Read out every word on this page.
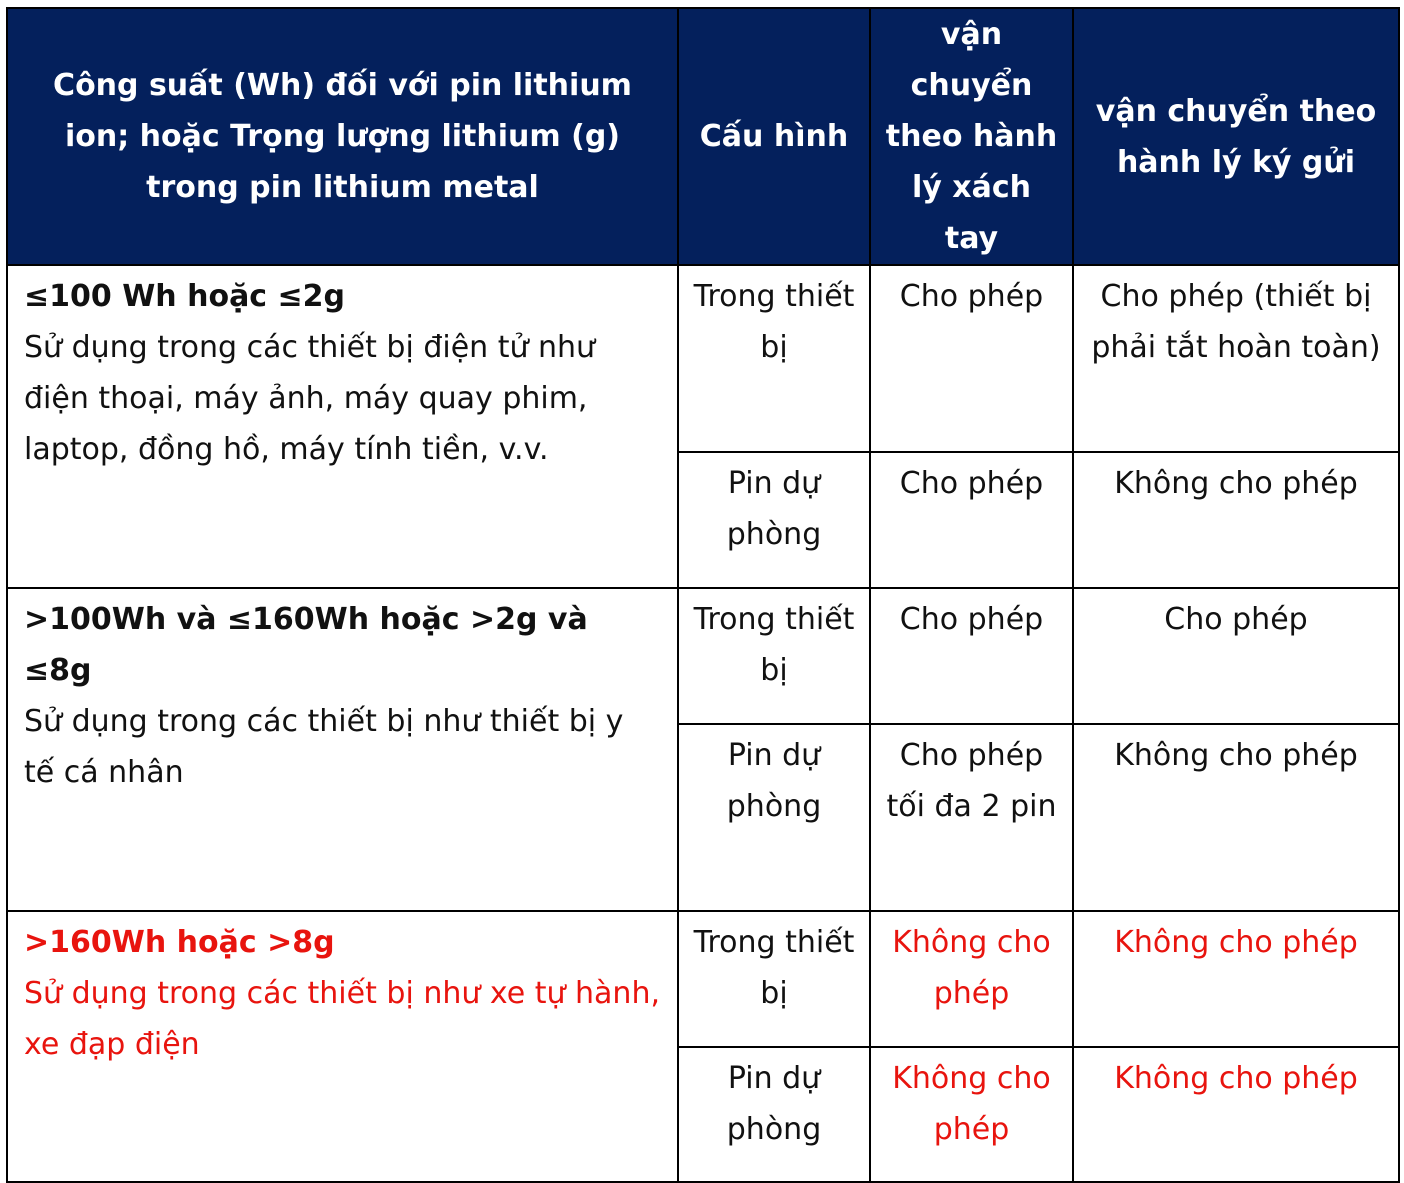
Công suất (Wh) đối với pin lithium ion; hoặc Trọng lượng lithium (g) trong pin lithium metal	Cấu hình	vận chuyển theo hành lý xách tay	vận chuyển theo hành lý ký gửi

≤100 Wh hoặc ≤2g
Sử dụng trong các thiết bị điện tử như điện thoại, máy ảnh, máy quay phim, laptop, đồng hồ, máy tính tiền, v.v.	Trong thiết bị	Cho phép	Cho phép (thiết bị phải tắt hoàn toàn)
	Pin dự phòng	Cho phép	Không cho phép

>100Wh và ≤160Wh hoặc >2g và ≤8g
Sử dụng trong các thiết bị như thiết bị y tế cá nhân	Trong thiết bị	Cho phép	Cho phép
	Pin dự phòng	Cho phép tối đa 2 pin	Không cho phép

>160Wh hoặc >8g
Sử dụng trong các thiết bị như xe tự hành, xe đạp điện	Trong thiết bị	Không cho phép	Không cho phép
	Pin dự phòng	Không cho phép	Không cho phép
